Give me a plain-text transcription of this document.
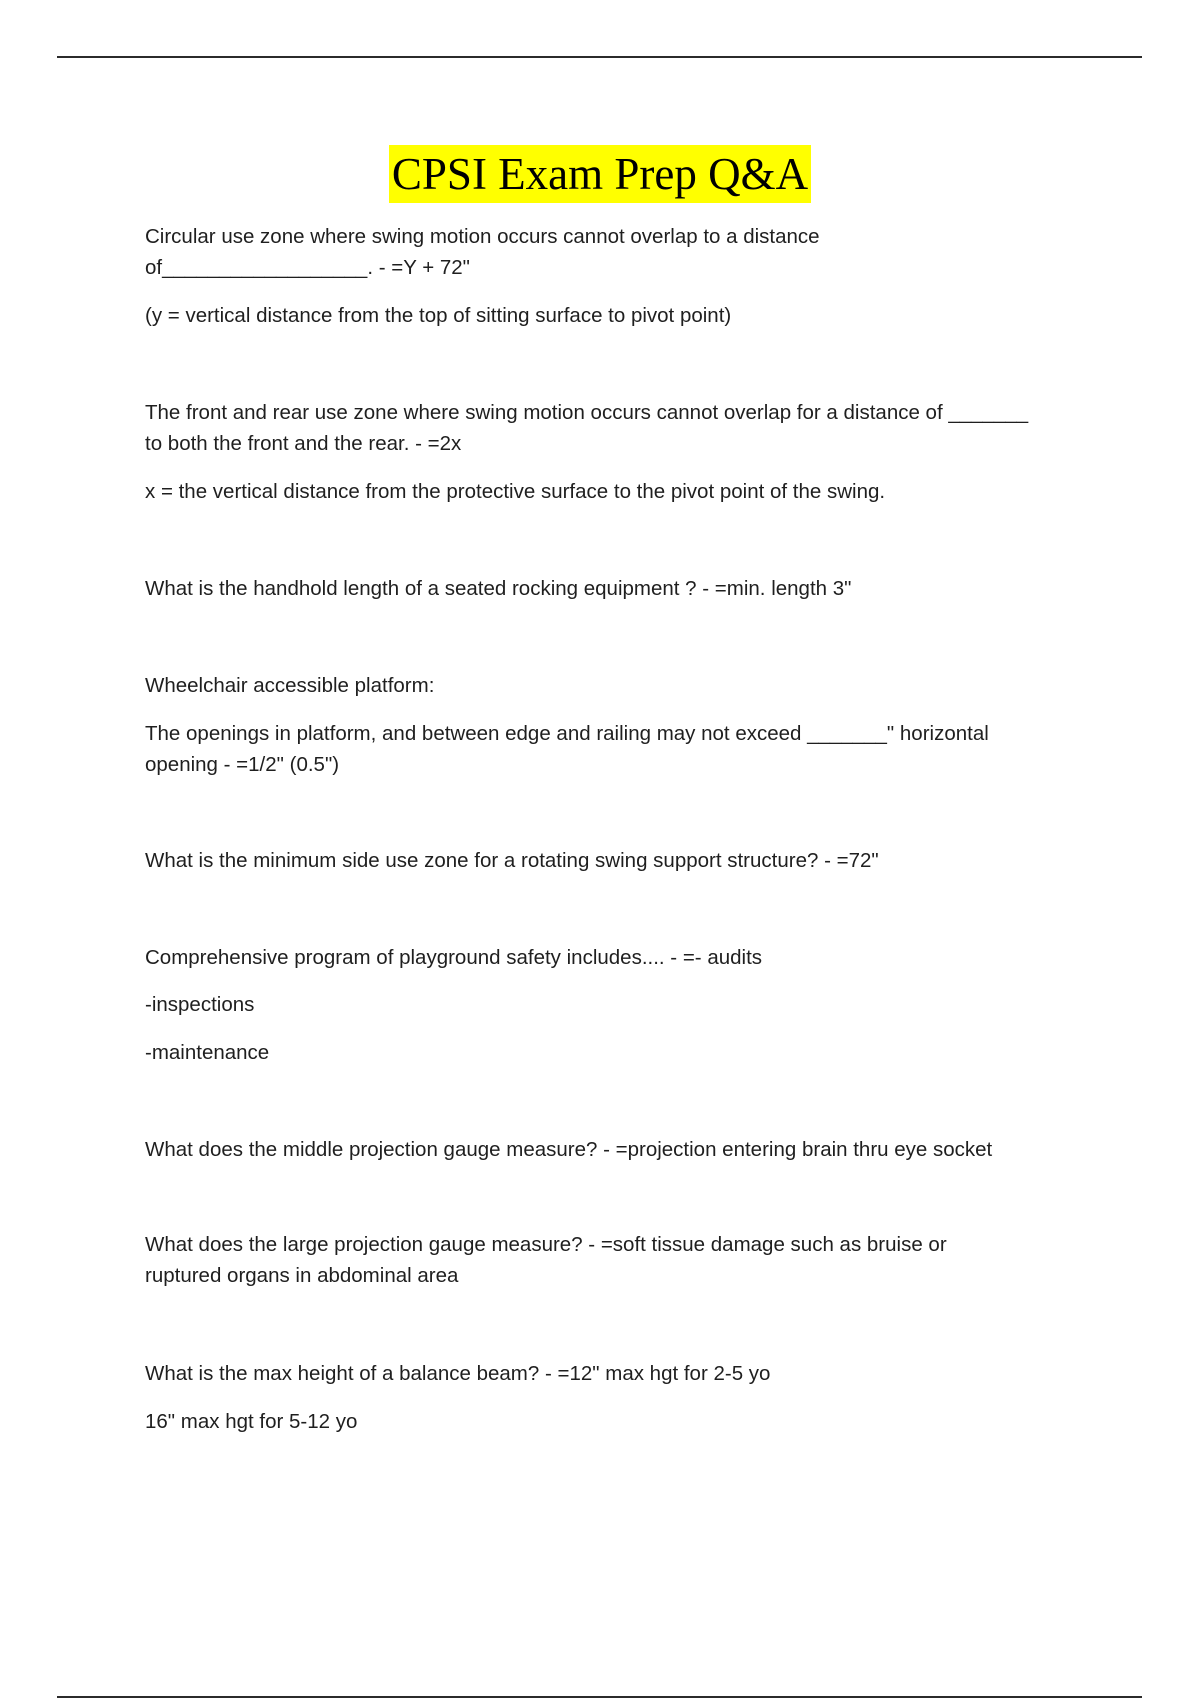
CPSI Exam Prep Q&A

Circular use zone where swing motion occurs cannot overlap to a distance
of__________________. - =Y + 72"

(y = vertical distance from the top of sitting surface to pivot point)

The front and rear use zone where swing motion occurs cannot overlap for a distance of _______
to both the front and the rear. - =2x

x = the vertical distance from the protective surface to the pivot point of the swing.

What is the handhold length of a seated rocking equipment ? - =min. length 3"

Wheelchair accessible platform:

The openings in platform, and between edge and railing may not exceed _______" horizontal
opening - =1/2" (0.5")

What is the minimum side use zone for a rotating swing support structure? - =72"

Comprehensive program of playground safety includes.... - =- audits

-inspections

-maintenance

What does the middle projection gauge measure? - =projection entering brain thru eye socket

What does the large projection gauge measure? - =soft tissue damage such as bruise or
ruptured organs in abdominal area

What is the max height of a balance beam? - =12" max hgt for 2-5 yo

16" max hgt for 5-12 yo
